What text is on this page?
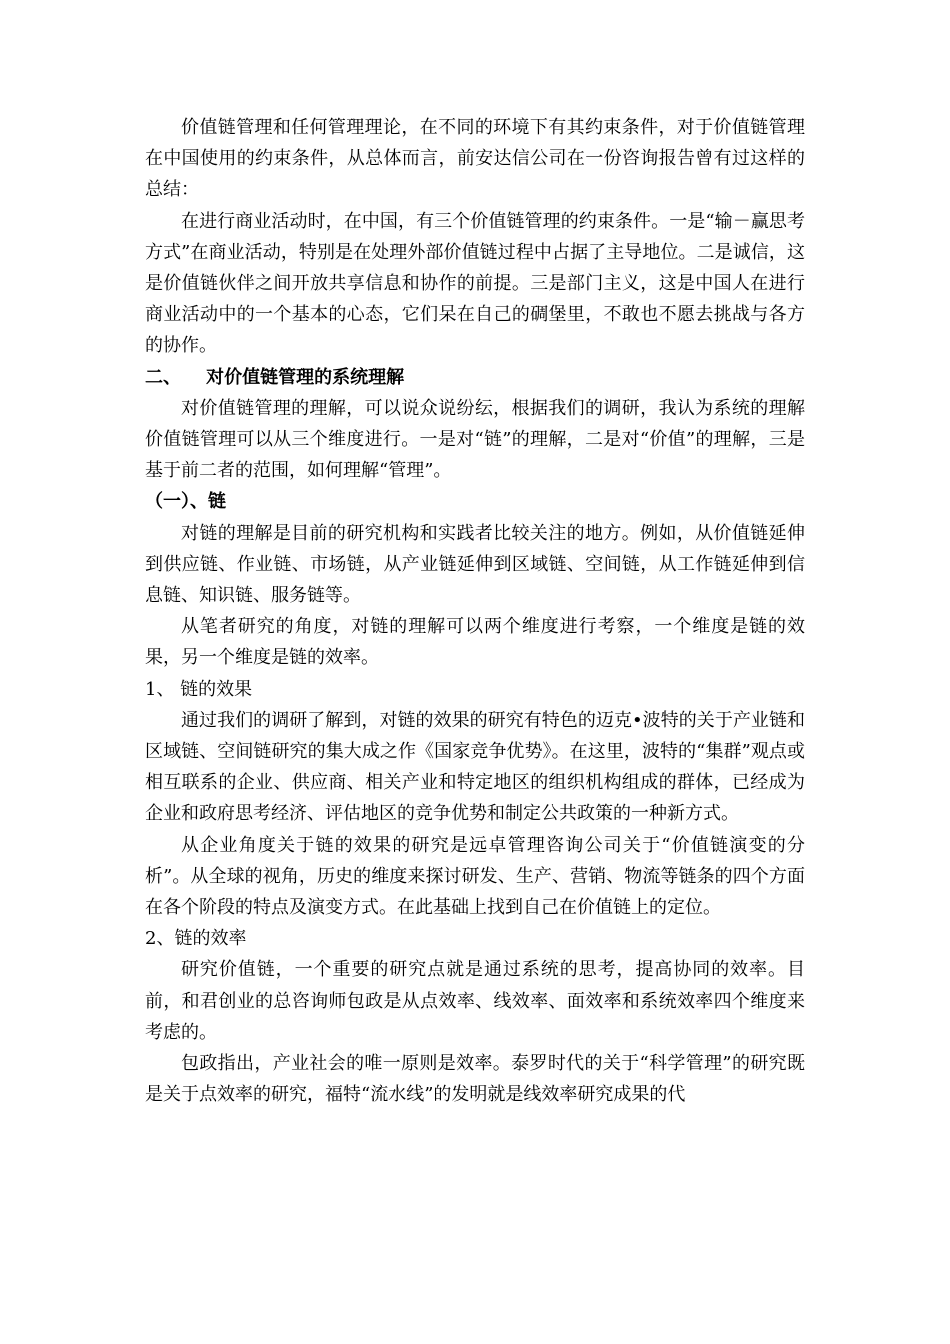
价值链管理和任何管理理论，在不同的环境下有其约束条件，对于价值链管理在中国使用的约束条件，从总体而言，前安达信公司在一份咨询报告曾有过这样的总结：

在进行商业活动时，在中国，有三个价值链管理的约束条件。一是“输－赢思考方式”在商业活动，特别是在处理外部价值链过程中占据了主导地位。二是诚信，这是价值链伙伴之间开放共享信息和协作的前提。三是部门主义，这是中国人在进行商业活动中的一个基本的心态，它们呆在自己的碉堡里，不敢也不愿去挑战与各方的协作。

二、    对价值链管理的系统理解

对价值链管理的理解，可以说众说纷纭，根据我们的调研，我认为系统的理解价值链管理可以从三个维度进行。一是对“链”的理解，二是对“价值”的理解，三是基于前二者的范围，如何理解“管理”。

（一）、链

对链的理解是目前的研究机构和实践者比较关注的地方。例如，从价值链延伸到供应链、作业链、市场链，从产业链延伸到区域链、空间链，从工作链延伸到信息链、知识链、服务链等。

从笔者研究的角度，对链的理解可以两个维度进行考察，一个维度是链的效果，另一个维度是链的效率。

1、 链的效果

通过我们的调研了解到，对链的效果的研究有特色的迈克•波特的关于产业链和区域链、空间链研究的集大成之作《国家竞争优势》。在这里，波特的“集群”观点或相互联系的企业、供应商、相关产业和特定地区的组织机构组成的群体，已经成为企业和政府思考经济、评估地区的竞争优势和制定公共政策的一种新方式。

从企业角度关于链的效果的研究是远卓管理咨询公司关于“价值链演变的分析”。从全球的视角，历史的维度来探讨研发、生产、营销、物流等链条的四个方面在各个阶段的特点及演变方式。在此基础上找到自己在价值链上的定位。

2、链的效率

研究价值链，一个重要的研究点就是通过系统的思考，提高协同的效率。目前，和君创业的总咨询师包政是从点效率、线效率、面效率和系统效率四个维度来考虑的。

包政指出，产业社会的唯一原则是效率。泰罗时代的关于“科学管理”的研究既是关于点效率的研究，福特“流水线”的发明就是线效率研究成果的代
